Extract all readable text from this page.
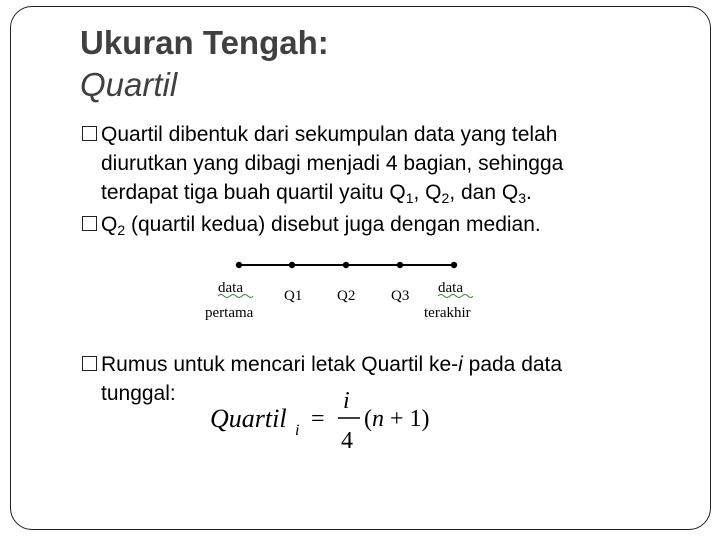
Ukuran Tengah:
Quartil
Quartil dibentuk dari sekumpulan data yang telah
diurutkan yang dibagi menjadi 4 bagian, sehingga
terdapat tiga buah quartil yaitu $Q_1$, $Q_2$, dan $Q_3$.
$Q_2$ (quartil kedua) disebut juga dengan median.
data	Q1 Q2 Q3 data
pertama	terakhir
Rumus untuk mencari letak Quartil ke-i pada data
tunggal:
Quartil i =
i
4
(n + 1)
